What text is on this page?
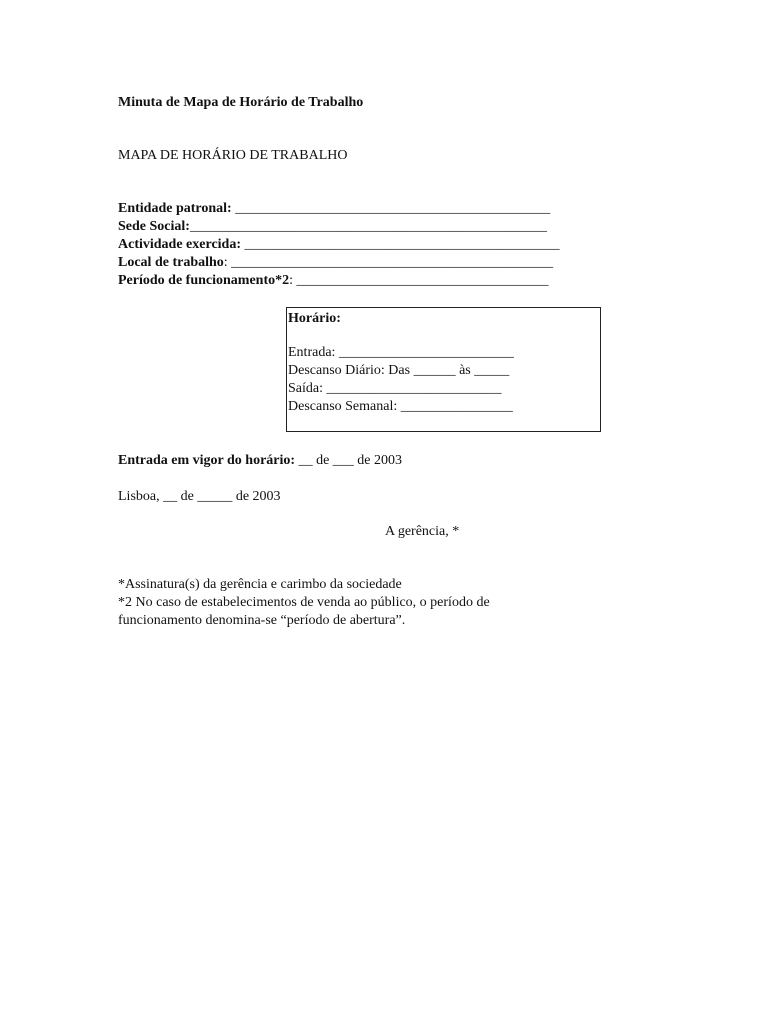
Minuta de Mapa de Horário de Trabalho
MAPA DE HORÁRIO DE TRABALHO
Entidade patronal: _____________________________________________
Sede Social:___________________________________________________
Actividade exercida: _____________________________________________
Local de trabalho: ______________________________________________
Período de funcionamento*2: ____________________________________
Horário:
Entrada: _________________________
Descanso Diário: Das ______ às _____
Saída: _________________________
Descanso Semanal: ________________
Entrada em vigor do horário: __ de ___ de 2003
Lisboa, __ de _____ de 2003
A gerência, *
*Assinatura(s) da gerência e carimbo da sociedade
*2 No caso de estabelecimentos de venda ao público, o período de
funcionamento denomina-se “período de abertura”.
